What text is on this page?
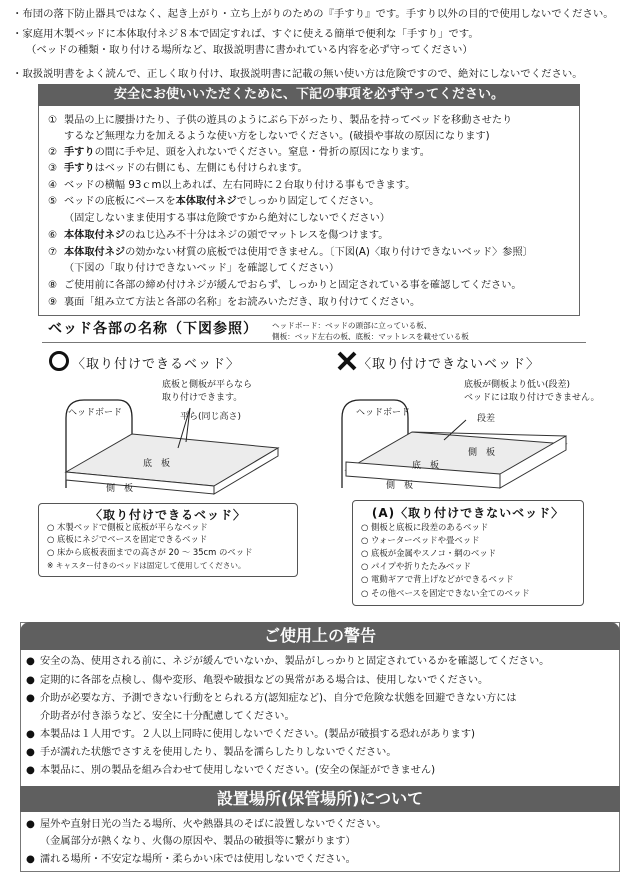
・布団の落下防止器具ではなく、起き上がり・立ち上がりのための『手すり』です。手すり以外の目的で使用しないでください。
・家庭用木製ベッドに本体取付ネジ８本で固定すれば、すぐに使える簡単で便利な「手すり」です。
（ベッドの種類・取り付ける場所など、取扱説明書に書かれている内容を必ず守ってください）
・取扱説明書をよく読んで、正しく取り付け、取扱説明書に記載の無い使い方は危険ですので、絶対にしないでください。
安全にお使いいただくために、下記の事項を必ず守ってください。
① 製品の上に腰掛けたり、子供の遊具のようにぶら下がったり、製品を持ってベッドを移動させたり
するなど無理な力を加えるような使い方をしないでください。(破損や事故の原因になります)
② 手すりの間に手や足、頭を入れないでください。窒息・骨折の原因になります。
③ 手すりはベッドの右側にも、左側にも付けられます。
④ ベッドの横幅 93ｃm以上あれば、左右同時に２台取り付ける事もできます。
⑤ ベッドの底板にベースを本体取付ネジでしっかり固定してください。
（固定しないまま使用する事は危険ですから絶対にしないでください）
⑥ 本体取付ネジのねじ込み不十分はネジの頭でマットレスを傷つけます。
⑦ 本体取付ネジの効かない材質の底板では使用できません。〔下図(A)〈取り付けできないベッド〉参照〕
（下図の「取り付けできないベッド」を確認してください）
⑧ ご使用前に各部の締め付けネジが緩んでおらず、しっかりと固定されている事を確認してください。
⑨ 裏面「組み立て方法と各部の名称」をお読みいただき、取り付けてください。
ベッド各部の名称（下図参照） ヘッドボード：ベッドの頭部に立っている板、
側板：ベッド左右の板、底板：マットレスを載せている板
〈取り付けできるベッド〉
底板と側板が平らなら
取り付けできます。
ヘッドボード	平ら(同じ高さ)
底　板
側　板
〈取り付けできないベッド〉
底板が側板より低い(段差)
ベッドには取り付けできません。
ヘッドボード
段差
側　板
底　板
側　板
〈取り付けできるベッド〉
○ 木製ベッドで側板と底板が平らなベッド
○ 底板にネジでベースを固定できるベッド
○ 床から底板表面までの高さが 20 ～ 35cm のベッド
※ キャスター付きのベッドは固定して使用してください。
(A)〈取り付けできないベッド〉
○ 側板と底板に段差のあるベッド
○ ウォーターベッドや畳ベッド
○ 底板が金属やスノコ・網のベッド
○ パイプや折りたたみベッド
○ 電動ギアで背上げなどができるベッド
○ その他ベースを固定できない全てのベッド
ご使用上の警告
● 安全の為、使用される前に、ネジが緩んでいないか、製品がしっかりと固定されているかを確認してください。
● 定期的に各部を点検し、傷や変形、亀裂や破損などの異常がある場合は、使用しないでください。
● 介助が必要な方、予測できない行動をとられる方(認知症など)、自分で危険な状態を回避できない方には
介助者が付き添うなど、安全に十分配慮してください。
● 本製品は１人用です。２人以上同時に使用しないでください。(製品が破損する恐れがあります)
● 手が濡れた状態でさすえを使用したり、製品を濡らしたりしないでください。
● 本製品に、別の製品を組み合わせて使用しないでください。(安全の保証ができません)
設置場所(保管場所)について
● 屋外や直射日光の当たる場所、火や熱器具のそばに設置しないでください。
（金属部分が熱くなり、火傷の原因や、製品の破損等に繋がります）
● 濡れる場所・不安定な場所・柔らかい床では使用しないでください。
